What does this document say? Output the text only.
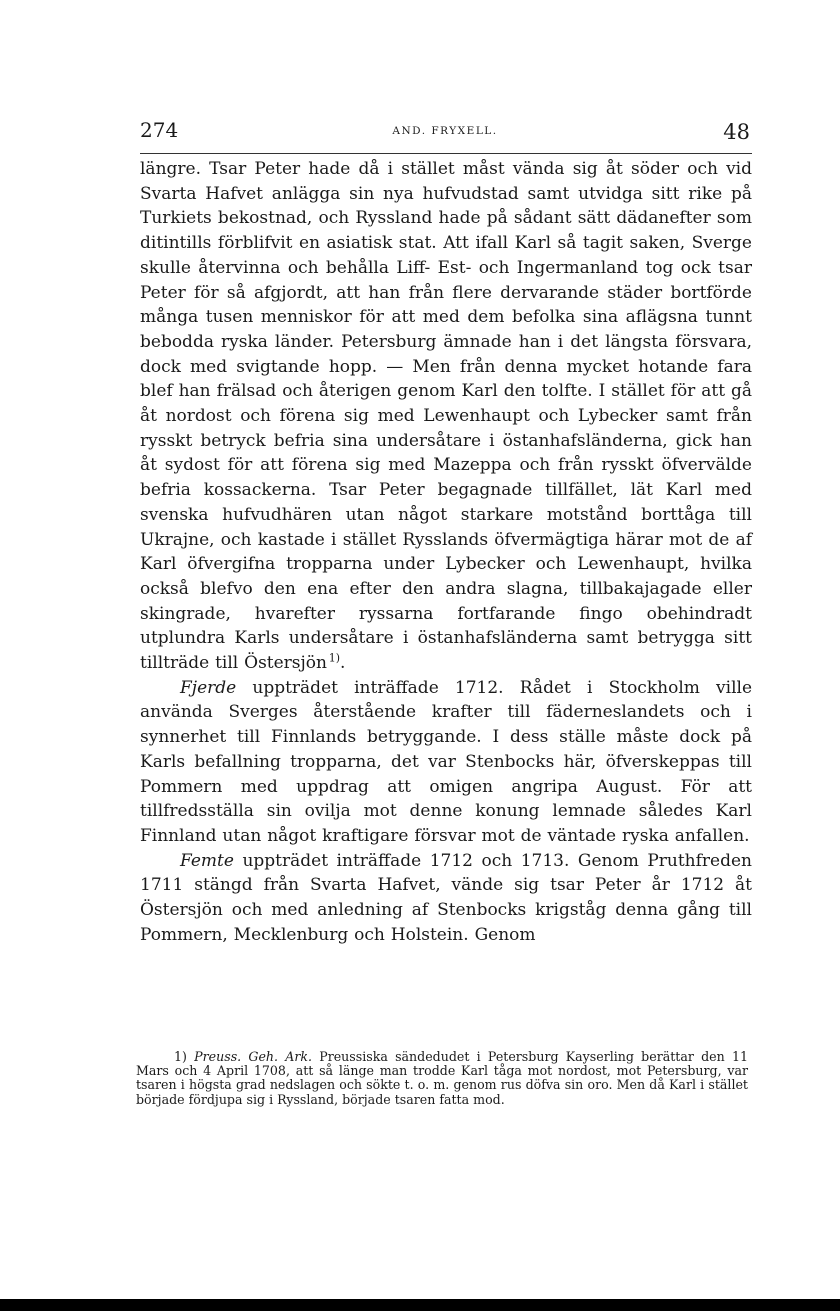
274	AND. FRYXELL.	48

längre. Tsar Peter hade då i stället måst vända sig åt söder och vid Svarta Hafvet anlägga sin nya hufvudstad samt utvidga sitt rike på Turkiets bekostnad, och Ryssland hade på sådant sätt dädanefter som ditintills förblifvit en asiatisk stat. Att ifall Karl så tagit saken, Sverge skulle återvinna och behålla Liff- Est- och Ingermanland tog ock tsar Peter för så afgjordt, att han från flere dervarande städer bortförde många tusen menniskor för att med dem befolka sina aflägsna tunnt bebodda ryska länder. Petersburg ämnade han i det längsta försvara, dock med svigtande hopp. — Men från denna mycket hotande fara blef han frälsad och återigen genom Karl den tolfte. I stället för att gå åt nordost och förena sig med Lewenhaupt och Lybecker samt från rysskt betryck befria sina undersåtare i östanhafsländerna, gick han åt sydost för att förena sig med Mazeppa och från rysskt öfvervälde befria kossackerna. Tsar Peter begagnade tillfället, lät Karl med svenska hufvudhären utan något starkare motstånd borttåga till Ukrajne, och kastade i stället Rysslands öfvermägtiga härar mot de af Karl öfvergifna tropparna under Lybecker och Lewenhaupt, hvilka också blefvo den ena efter den andra slagna, tillbakajagade eller skingrade, hvarefter ryssarna fortfarande fingo obehindradt utplundra Karls undersåtare i östanhafsländerna samt betrygga sitt tillträde till Östersjön  $^{1)}$.

Fjerde uppträdet inträffade 1712. Rådet i Stockholm ville använda Sverges återstående krafter till fäderneslandets och i synnerhet till Finnlands betryggande. I dess ställe måste dock på Karls befallning tropparna, det var Stenbocks här, öfverskeppas till Pommern med uppdrag att omigen angripa August. För att tillfredsställa sin ovilja mot denne konung lemnade således Karl Finnland utan något kraftigare försvar mot de väntade ryska anfallen.

Femte uppträdet inträffade 1712 och 1713. Genom Pruthfreden 1711 stängd från Svarta Hafvet, vände sig tsar Peter år 1712 åt Östersjön och med anledning af Stenbocks krigståg denna gång till Pommern, Mecklenburg och Holstein. Genom

1) Preuss. Geh. Ark. Preussiska sändedudet i Petersburg Kayserling berättar den 11 Mars och 4 April 1708, att så länge man trodde Karl tåga mot nordost, mot Petersburg, var tsaren i högsta grad nedslagen och sökte t. o. m. genom rus döfva sin oro. Men då Karl i stället började fördjupa sig i Ryssland, började tsaren fatta mod.
